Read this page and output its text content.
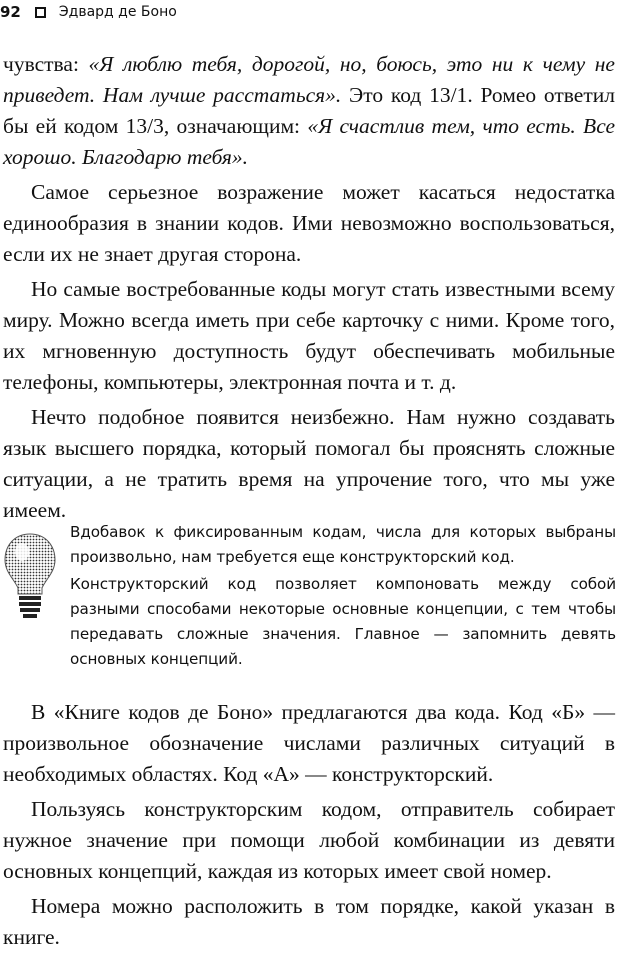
92	Эдвард де Боно

чувства: «Я люблю тебя, дорогой, но, боюсь, это ни к чему не приведет. Нам лучше расстаться». Это код 13/1. Ромео ответил бы ей кодом 13/3, означающим: «Я счастлив тем, что есть. Все хорошо. Благодарю тебя».

Самое серьезное возражение может касаться недостатка единообразия в знании кодов. Ими невозможно воспользоваться, если их не знает другая сторона.

Но самые востребованные коды могут стать известными всему миру. Можно всегда иметь при себе карточку с ними. Кроме того, их мгновенную доступность будут обеспечивать мобильные телефоны, компьютеры, электронная почта и т. д.

Нечто подобное появится неизбежно. Нам нужно создавать язык высшего порядка, который помогал бы прояснять сложные ситуации, а не тратить время на упрочение того, что мы уже имеем.

Вдобавок к фиксированным кодам, числа для которых выбраны произвольно, нам требуется еще конструкторский код.

Конструкторский код позволяет компоновать между собой разными способами некоторые основные концепции, с тем чтобы передавать сложные значения. Главное — запомнить девять основных концепций.

В «Книге кодов де Боно» предлагаются два кода. Код «Б» — произвольное обозначение числами различных ситуаций в необходимых областях. Код «А» — конструкторский.

Пользуясь конструкторским кодом, отправитель собирает нужное значение при помощи любой комбинации из девяти основных концепций, каждая из которых имеет свой номер.

Номера можно расположить в том порядке, какой указан в книге.
